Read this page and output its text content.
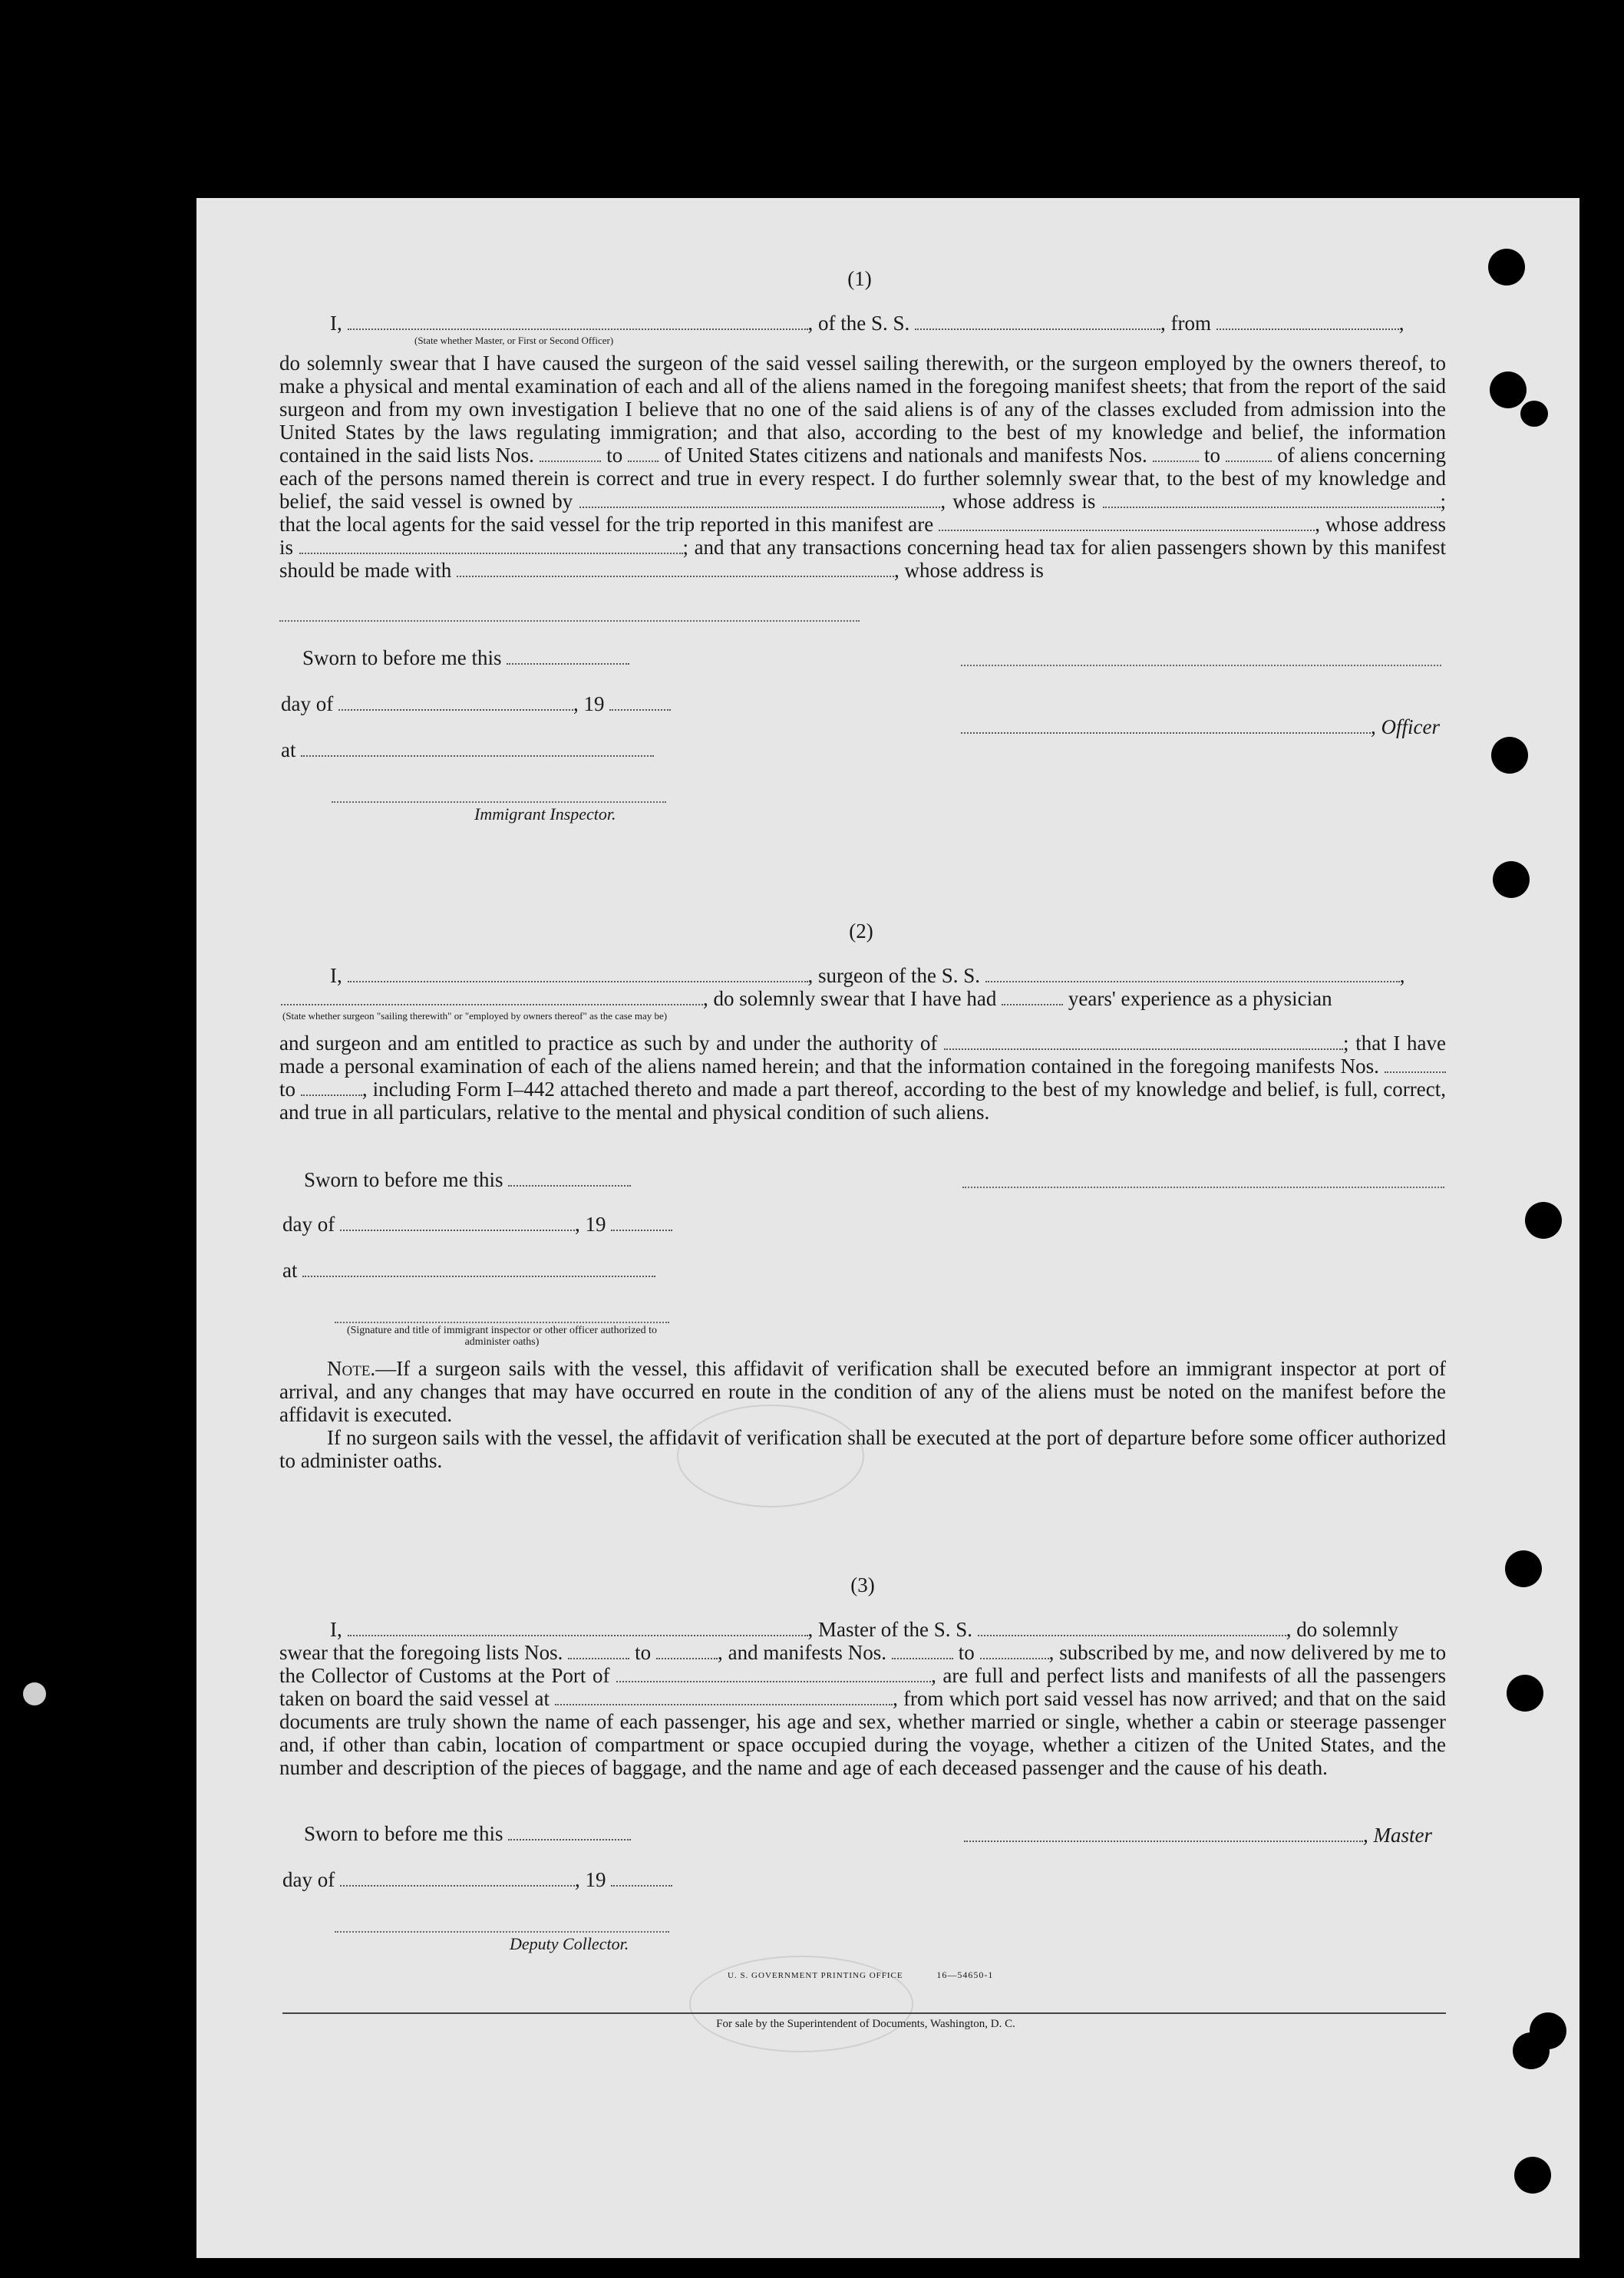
(1)
I,	, of the S. S.	, from	,
(State whether Master, or First or Second Officer)
do solemnly swear that I have caused the surgeon of the said vessel sailing therewith, or the surgeon employed by the owners thereof, to make a physical and mental examination of each and all of the aliens named in the foregoing manifest sheets; that from the report of the said surgeon and from my own investigation I believe that no one of the said aliens is of any of the classes excluded from admission into the United States by the laws regulating immigration; and that also, according to the best of my knowledge and belief, the information contained in the said lists Nos.	to of United States citizens and nationals and manifests Nos.	to	of aliens concerning each of the persons named therein is correct and true in every respect. I do further solemnly swear that, to the best of my knowledge and belief, the said vessel is owned by	, whose address is	; that the local agents for the said vessel for the trip reported in this manifest are	, whose address is	; and that any transactions concerning head tax for alien passengers shown by this manifest should be made with	, whose address is
Sworn to before me this
day of	, 19
, Officer
at
Immigrant Inspector.
(2)
I,	, surgeon of the S. S.	,
, do solemnly swear that I have had	years' experience as a physician
(State whether surgeon "sailing therewith" or "employed by owners thereof" as the case may be)
and surgeon and am entitled to practice as such by and under the authority of	; that I have made a personal examination of each of the aliens named herein; and that the information contained in the foregoing manifests Nos.  to	, including Form I–442 attached thereto and made a part thereof, according to the best of my knowledge and belief, is full, correct, and true in all particulars, relative to the mental and physical condition of such aliens.
Sworn to before me this
day of	, 19
at
(Signature and title of immigrant inspector or other officer authorized to administer oaths)
Note.—If a surgeon sails with the vessel, this affidavit of verification shall be executed before an immigrant inspector at port of arrival, and any changes that may have occurred en route in the condition of any of the aliens must be noted on the manifest before the affidavit is executed.
If no surgeon sails with the vessel, the affidavit of verification shall be executed at the port of departure before some officer authorized to administer oaths.
(3)
I,	, Master of the S. S.	, do solemnly
swear that the foregoing lists Nos.	to	, and manifests Nos.	to	, subscribed by me, and now delivered by me to the Collector of Customs at the Port of	, are full and perfect lists and manifests of all the passengers taken on board the said vessel at	, from which port said vessel has now arrived; and that on the said documents are truly shown the name of each passenger, his age and sex, whether married or single, whether a cabin or steerage passenger and, if other than cabin, location of compartment or space occupied during the voyage, whether a citizen of the United States, and the number and description of the pieces of baggage, and the name and age of each deceased passenger and the cause of his death.
Sworn to before me this	, Master
day of	, 19
Deputy Collector.
U. S. GOVERNMENT PRINTING OFFICE	16—54650-1
For sale by the Superintendent of Documents, Washington, D. C.
